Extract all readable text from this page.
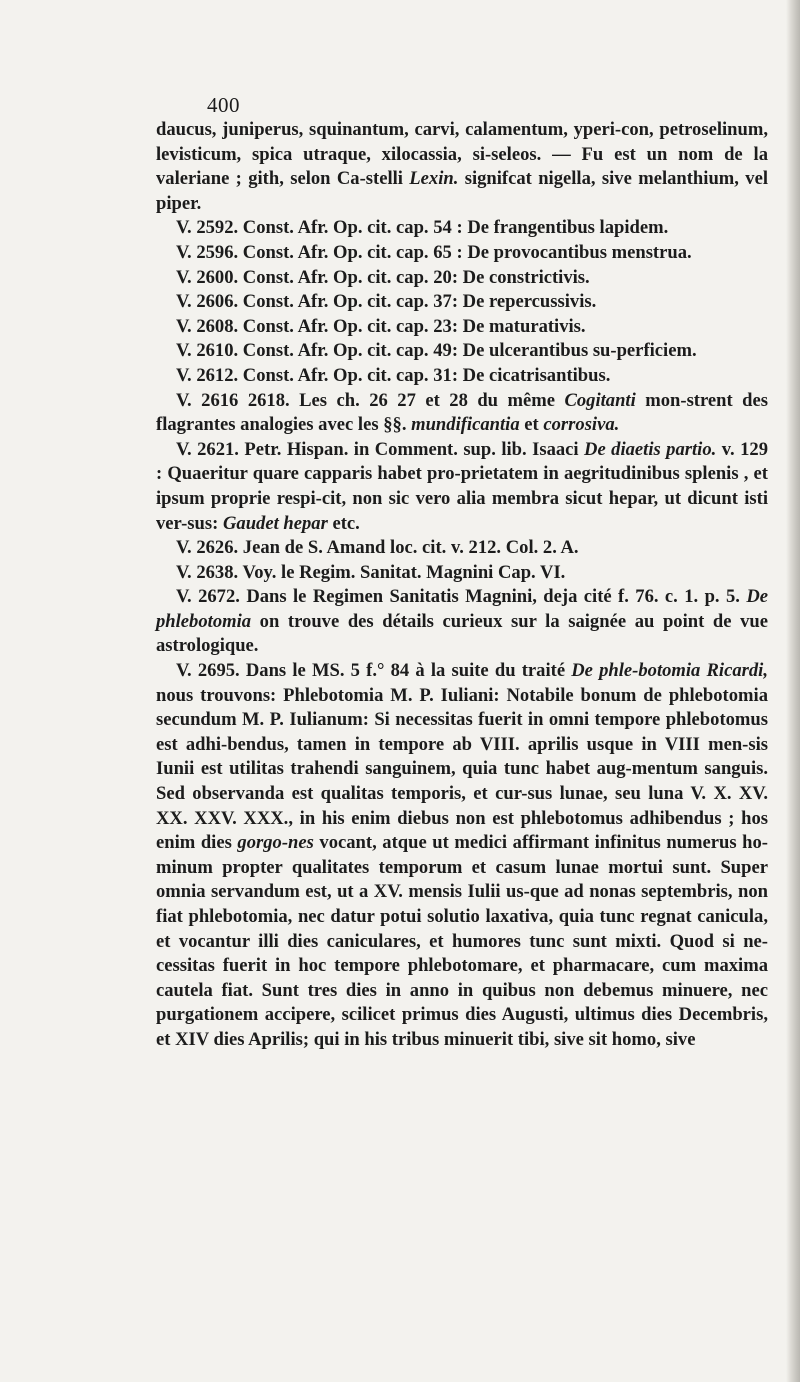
400

daucus, juniperus, squinantum, carvi, calamentum, yperi-con, petroselinum, levisticum, spica utraque, xilocassia, si-seleos. — Fu est un nom de la valeriane ; gith, selon Ca-stelli Lexin. signifcat nigella, sive melanthium, vel piper.

V. 2592. Const. Afr. Op. cit. cap. 54 : De frangentibus lapidem.

V. 2596. Const. Afr. Op. cit. cap. 65 : De provocantibus menstrua.

V. 2600. Const. Afr. Op. cit. cap. 20: De constrictivis.

V. 2606. Const. Afr. Op. cit. cap. 37: De repercussivis.

V. 2608. Const. Afr. Op. cit. cap. 23: De maturativis.

V. 2610. Const. Afr. Op. cit. cap. 49: De ulcerantibus su-perficiem.

V. 2612. Const. Afr. Op. cit. cap. 31: De cicatrisantibus.

V. 2616 2618. Les ch. 26 27 et 28 du même Cogitanti mon-strent des flagrantes analogies avec les §§. mundificantia et corrosiva.

V. 2621. Petr. Hispan. in Comment. sup. lib. Isaaci De diaetis partio. v. 129 : Quaeritur quare capparis habet pro-prietatem in aegritudinibus splenis , et ipsum proprie respi-cit, non sic vero alia membra sicut hepar, ut dicunt isti ver-sus: Gaudet hepar etc.

V. 2626. Jean de S. Amand loc. cit. v. 212. Col. 2. A.

V. 2638. Voy. le Regim. Sanitat. Magnini Cap. VI.

V. 2672. Dans le Regimen Sanitatis Magnini, deja cité f. 76. c. 1. p. 5. De phlebotomia on trouve des détails curieux sur la saignée au point de vue astrologique.

V. 2695. Dans le MS. 5 f.° 84 à la suite du traité De phle-botomia Ricardi, nous trouvons: Phlebotomia M. P. Iuliani: Notabile bonum de phlebotomia secundum M. P. Iulianum: Si necessitas fuerit in omni tempore phlebotomus est adhi-bendus, tamen in tempore ab VIII. aprilis usque in VIII men-sis Iunii est utilitas trahendi sanguinem, quia tunc habet aug-mentum sanguis. Sed observanda est qualitas temporis, et cur-sus lunae, seu luna V. X. XV. XX. XXV. XXX., in his enim diebus non est phlebotomus adhibendus ; hos enim dies gorgo-nes vocant, atque ut medici affirmant infinitus numerus ho-minum propter qualitates temporum et casum lunae mortui sunt. Super omnia servandum est, ut a XV. mensis Iulii us-que ad nonas septembris, non fiat phlebotomia, nec datur potui solutio laxativa, quia tunc regnat canicula, et vocantur illi dies caniculares, et humores tunc sunt mixti. Quod si ne-cessitas fuerit in hoc tempore phlebotomare, et pharmacare, cum maxima cautela fiat. Sunt tres dies in anno in quibus non debemus minuere, nec purgationem accipere, scilicet primus dies Augusti, ultimus dies Decembris, et XIV dies Aprilis; qui in his tribus minuerit tibi, sive sit homo, sive
